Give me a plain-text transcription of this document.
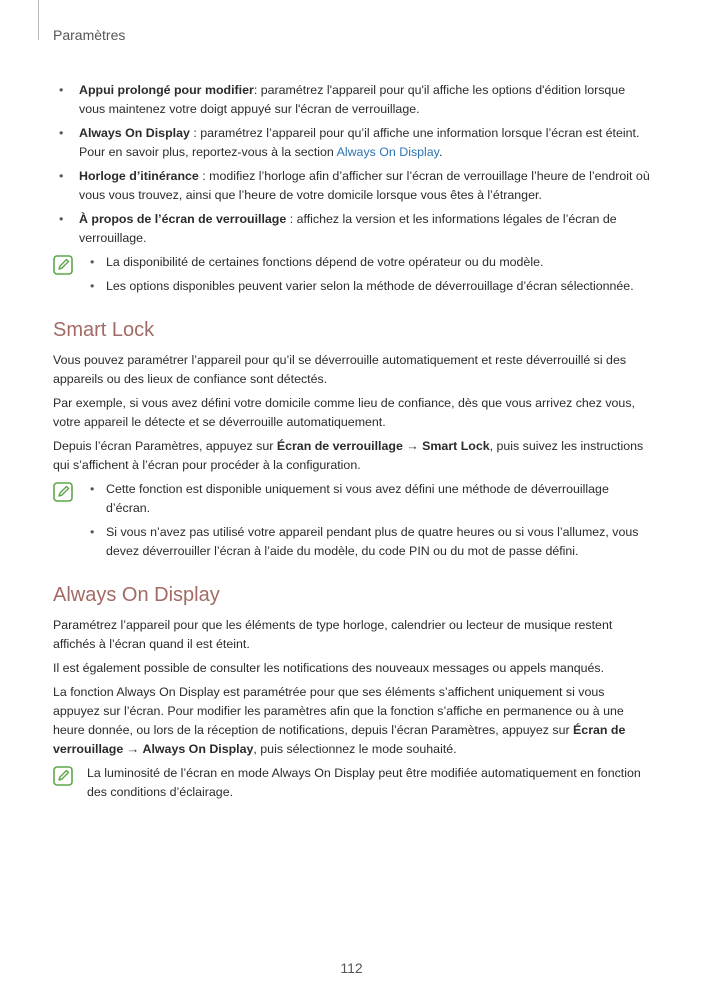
Paramètres
• Appui prolongé pour modifier: paramétrez l'appareil pour qu'il affiche les options d'édition lorsque vous maintenez votre doigt appuyé sur l'écran de verrouillage.
• Always On Display : paramétrez l’appareil pour qu’il affiche une information lorsque l’écran est éteint. Pour en savoir plus, reportez-vous à la section Always On Display.
• Horloge d’itinérance : modifiez l’horloge afin d’afficher sur l’écran de verrouillage l’heure de l’endroit où vous vous trouvez, ainsi que l’heure de votre domicile lorsque vous êtes à l’étranger.
• À propos de l’écran de verrouillage : affichez la version et les informations légales de l’écran de verrouillage.
• La disponibilité de certaines fonctions dépend de votre opérateur ou du modèle.
• Les options disponibles peuvent varier selon la méthode de déverrouillage d’écran sélectionnée.
Smart Lock

Vous pouvez paramétrer l’appareil pour qu’il se déverrouille automatiquement et reste déverrouillé si des appareils ou des lieux de confiance sont détectés.

Par exemple, si vous avez défini votre domicile comme lieu de confiance, dès que vous arrivez chez vous, votre appareil le détecte et se déverrouille automatiquement.

Depuis l’écran Paramètres, appuyez sur Écran de verrouillage → Smart Lock, puis suivez les instructions qui s’affichent à l’écran pour procéder à la configuration.

• Cette fonction est disponible uniquement si vous avez défini une méthode de déverrouillage d’écran.
• Si vous n’avez pas utilisé votre appareil pendant plus de quatre heures ou si vous l’allumez, vous devez déverrouiller l’écran à l’aide du modèle, du code PIN ou du mot de passe défini.
Always On Display

Paramétrez l’appareil pour que les éléments de type horloge, calendrier ou lecteur de musique restent affichés à l’écran quand il est éteint.

Il est également possible de consulter les notifications des nouveaux messages ou appels manqués.

La fonction Always On Display est paramétrée pour que ses éléments s’affichent uniquement si vous appuyez sur l’écran. Pour modifier les paramètres afin que la fonction s’affiche en permanence ou à une heure donnée, ou lors de la réception de notifications, depuis l’écran Paramètres, appuyez sur Écran de verrouillage → Always On Display, puis sélectionnez le mode souhaité.

La luminosité de l’écran en mode Always On Display peut être modifiée automatiquement en fonction des conditions d’éclairage.
112
